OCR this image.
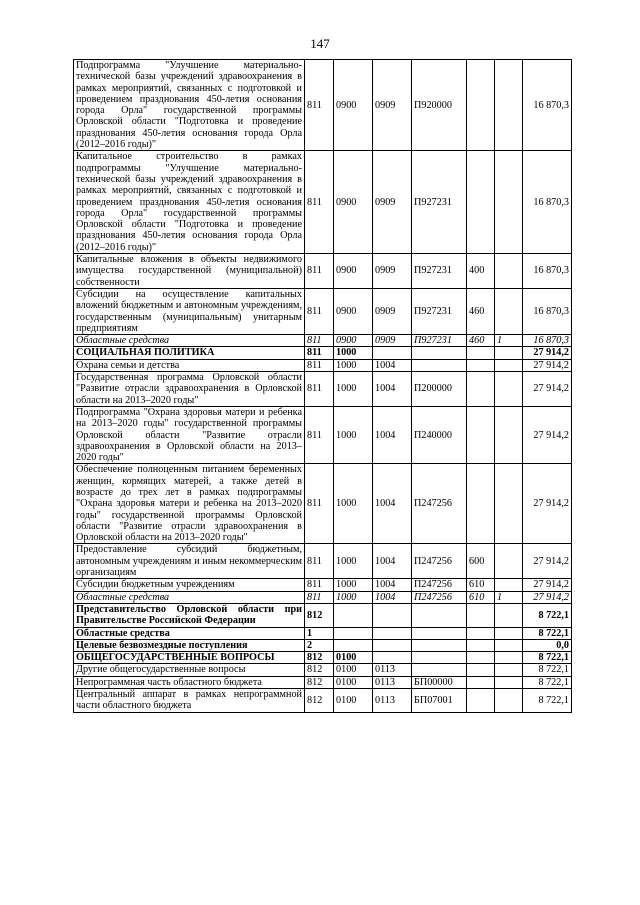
147
Подпрограмма "Улучшение материально-технической базы учреждений здравоохранения в рамках мероприятий, связанных с подготовкой и проведением празднования 450-летия основания города Орла" государственной программы Орловской области "Подготовка и проведение празднования 450-летия основания города Орла (2012–2016 годы)"	811	0900	0909	П920000			16 870,3
Капитальное строительство в рамках подпрограммы "Улучшение материально-технической базы учреждений здравоохранения в рамках мероприятий, связанных с подготовкой и проведением празднования 450-летия основания города Орла" государственной программы Орловской области "Подготовка и проведение празднования 450-летия основания города Орла (2012–2016 годы)"	811	0900	0909	П927231			16 870,3
Капитальные вложения в объекты недвижимого имущества государственной (муниципальной) собственности	811	0900	0909	П927231	400		16 870,3
Субсидии на осуществление капитальных вложений бюджетным и автономным учреждениям, государственным (муниципальным) унитарным предприятиям	811	0900	0909	П927231	460		16 870,3
Областные средства	811	0900	0909	П927231	460	1	16 870,3
СОЦИАЛЬНАЯ ПОЛИТИКА	811	1000					27 914,2
Охрана семьи и детства	811	1000	1004				27 914,2
Государственная программа Орловской области "Развитие отрасли здравоохранения в Орловской области на 2013–2020 годы"	811	1000	1004	П200000			27 914,2
Подпрограмма "Охрана здоровья матери и ребенка на 2013–2020 годы" государственной программы Орловской области "Развитие отрасли здравоохранения в Орловской области на 2013–2020 годы"	811	1000	1004	П240000			27 914,2
Обеспечение полноценным питанием беременных женщин, кормящих матерей, а также детей в возрасте до трех лет в рамках подпрограммы "Охрана здоровья матери и ребенка на 2013–2020 годы" государственной программы Орловской области "Развитие отрасли здравоохранения в Орловской области на 2013–2020 годы"	811	1000	1004	П247256			27 914,2
Предоставление субсидий бюджетным, автономным учреждениям и иным некоммерческим организациям	811	1000	1004	П247256	600		27 914,2
Субсидии бюджетным учреждениям	811	1000	1004	П247256	610		27 914,2
Областные средства	811	1000	1004	П247256	610	1	27 914,2
Представительство Орловской области при Правительстве Российской Федерации	812						8 722,1
Областные средства	1						8 722,1
Целевые безвозмездные поступления	2						0,0
ОБЩЕГОСУДАРСТВЕННЫЕ ВОПРОСЫ	812	0100					8 722,1
Другие общегосударственные вопросы	812	0100	0113				8 722,1
Непрограммная часть областного бюджета	812	0100	0113	БП00000			8 722,1
Центральный аппарат в рамках непрограммной части областного бюджета	812	0100	0113	БП07001			8 722,1
